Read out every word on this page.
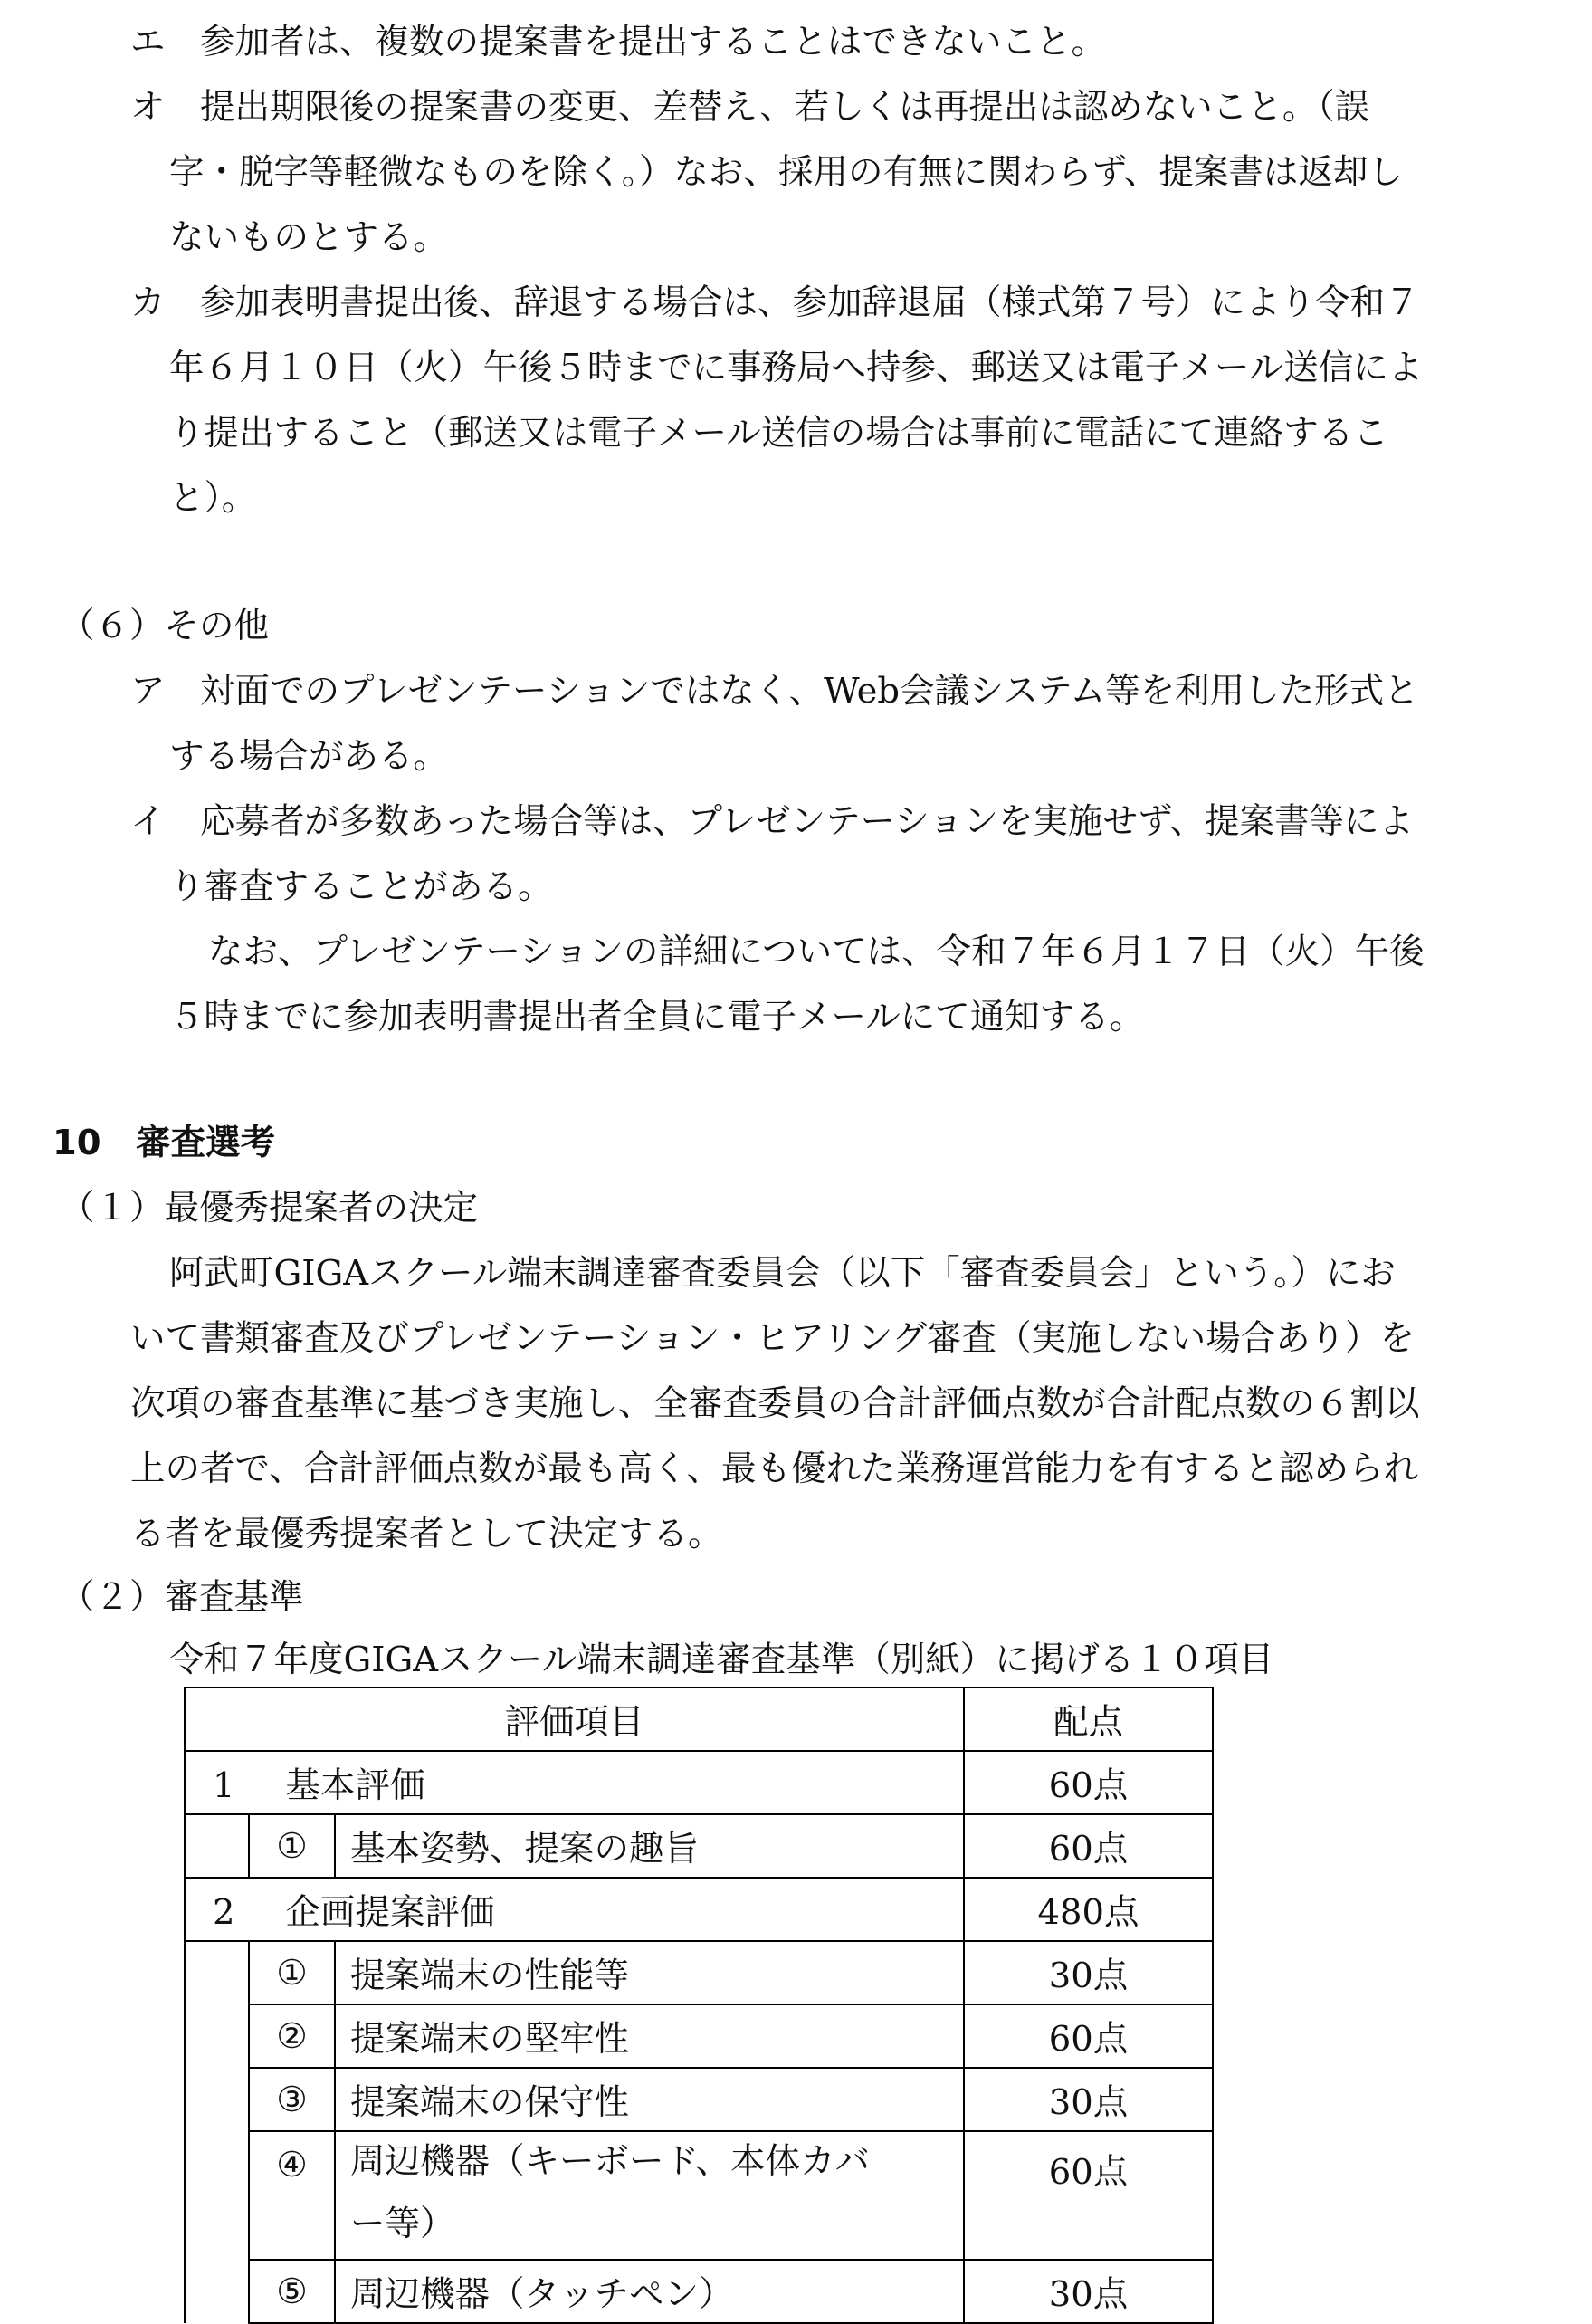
エ　参加者は、複数の提案書を提出することはできないこと。
オ　提出期限後の提案書の変更、差替え、若しくは再提出は認めないこと。（誤
字・脱字等軽微なものを除く。）なお、採用の有無に関わらず、提案書は返却し
ないものとする。
カ　参加表明書提出後、辞退する場合は、参加辞退届（様式第７号）により令和７
年６月１０日（火）午後５時までに事務局へ持参、郵送又は電子メール送信によ
り提出すること（郵送又は電子メール送信の場合は事前に電話にて連絡するこ
と）。
（６）その他
ア　対面でのプレゼンテーションではなく、Web会議システム等を利用した形式と
する場合がある。
イ　応募者が多数あった場合等は、プレゼンテーションを実施せず、提案書等によ
り審査することがある。
なお、プレゼンテーションの詳細については、令和７年６月１７日（火）午後
５時までに参加表明書提出者全員に電子メールにて通知する。
10　審査選考
（１）最優秀提案者の決定
阿武町GIGAスクール端末調達審査委員会（以下「審査委員会」という。）にお
いて書類審査及びプレゼンテーション・ヒアリング審査（実施しない場合あり）を
次項の審査基準に基づき実施し、全審査委員の合計評価点数が合計配点数の６割以
上の者で、合計評価点数が最も高く、最も優れた業務運営能力を有すると認められ
る者を最優秀提案者として決定する。
（２）審査基準
令和７年度GIGAスクール端末調達審査基準（別紙）に掲げる１０項目
評価項目			配点
1 基本評価			60点
	①	基本姿勢、提案の趣旨	60点
2 企画提案評価			480点
	①	提案端末の性能等	30点
	②	提案端末の堅牢性	60点
	③	提案端末の保守性	30点
	④	周辺機器（キーボード、本体カバ
ー等）	60点
	⑤	周辺機器（タッチペン）	30点
